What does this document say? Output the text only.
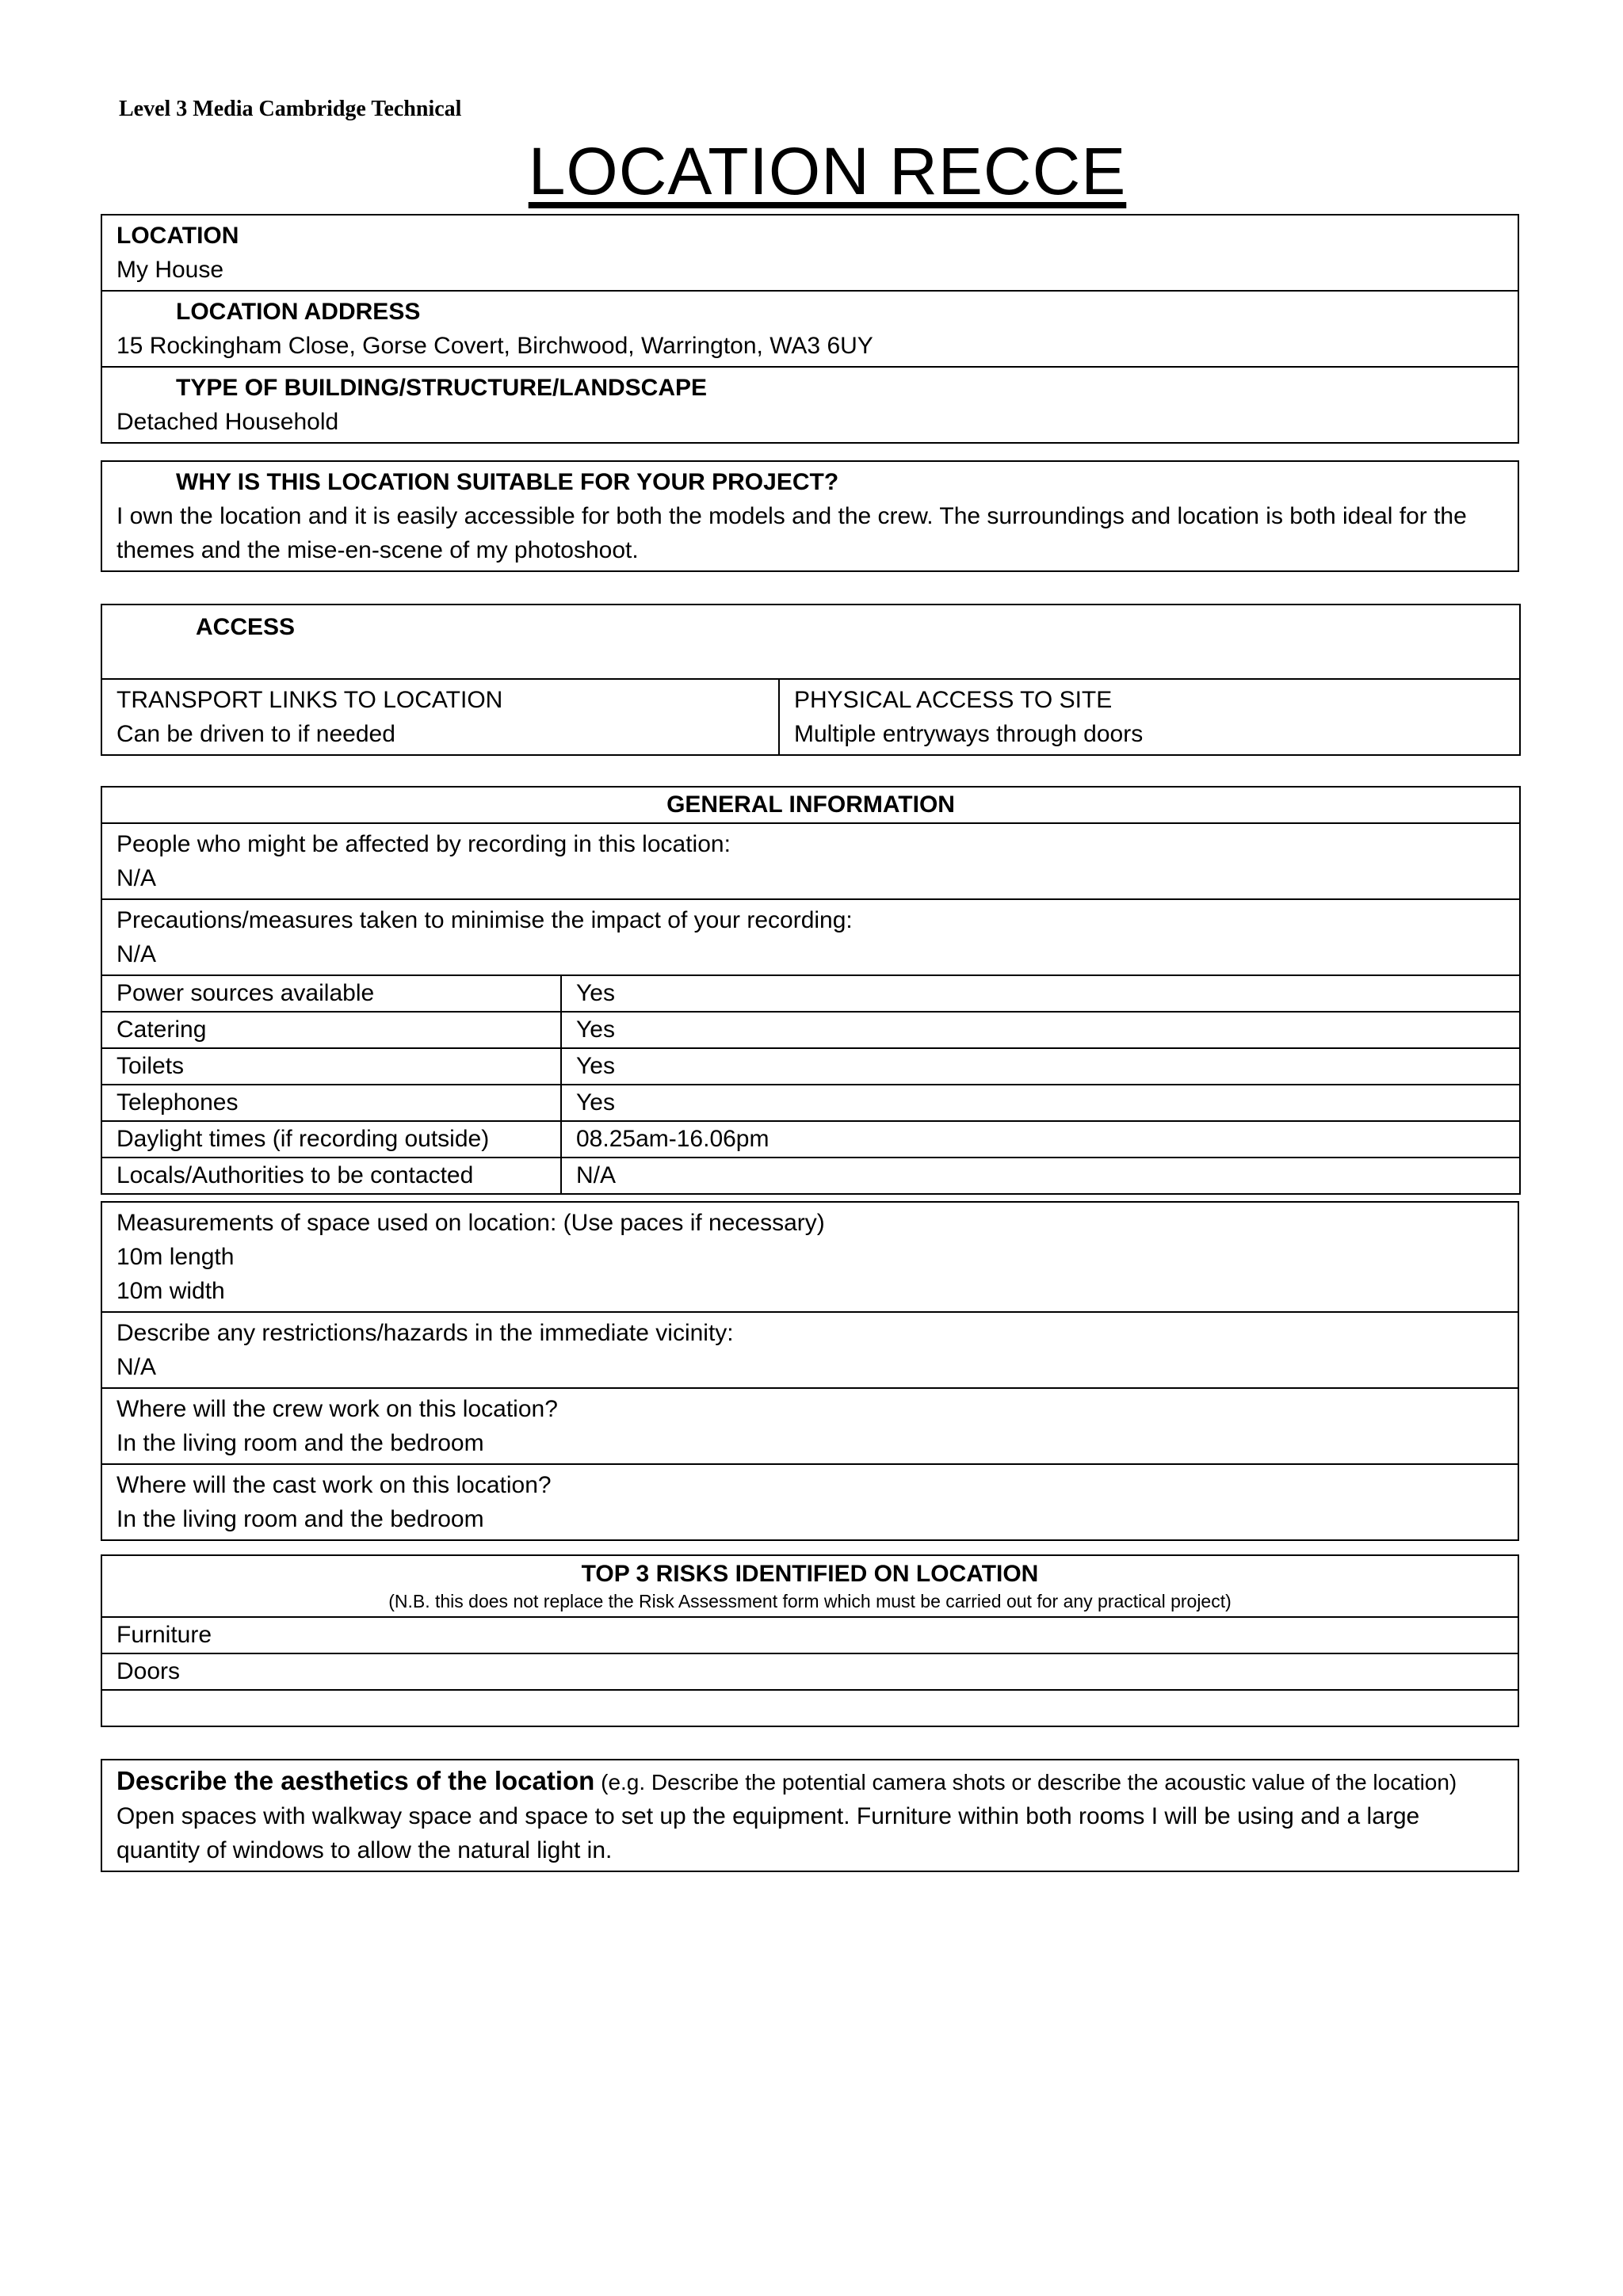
Level 3 Media Cambridge Technical
LOCATION RECCE
LOCATION
My House

LOCATION ADDRESS
15 Rockingham Close, Gorse Covert, Birchwood, Warrington, WA3 6UY

TYPE OF BUILDING/STRUCTURE/LANDSCAPE
Detached Household
WHY IS THIS LOCATION SUITABLE FOR YOUR PROJECT?
I own the location and it is easily accessible for both the models and the crew. The surroundings and location is both ideal for the themes and the mise-en-scene of my photoshoot.
ACCESS

TRANSPORT LINKS TO LOCATION
Can be driven to if needed

PHYSICAL ACCESS TO SITE
Multiple entryways through doors
GENERAL INFORMATION	

People who might be affected by recording in this location:
N/A	

Precautions/measures taken to minimise the impact of your recording:
N/A	

Power sources available	Yes
Catering	Yes
Toilets	Yes
Telephones	Yes
Daylight times (if recording outside)	08.25am-16.06pm
Locals/Authorities to be contacted	N/A
Measurements of space used on location: (Use paces if necessary)
10m length
10m width

Describe any restrictions/hazards in the immediate vicinity:
N/A

Where will the crew work on this location?
In the living room and the bedroom

Where will the cast work on this location?
In the living room and the bedroom
TOP 3 RISKS IDENTIFIED ON LOCATION
(N.B. this does not replace the Risk Assessment form which must be carried out for any practical project)

Furniture
Doors

Describe the aesthetics of the location (e.g. Describe the potential camera shots or describe the acoustic value of the location)
Open spaces with walkway space and space to set up the equipment. Furniture within both rooms I will be using and a large quantity of windows to allow the natural light in.
